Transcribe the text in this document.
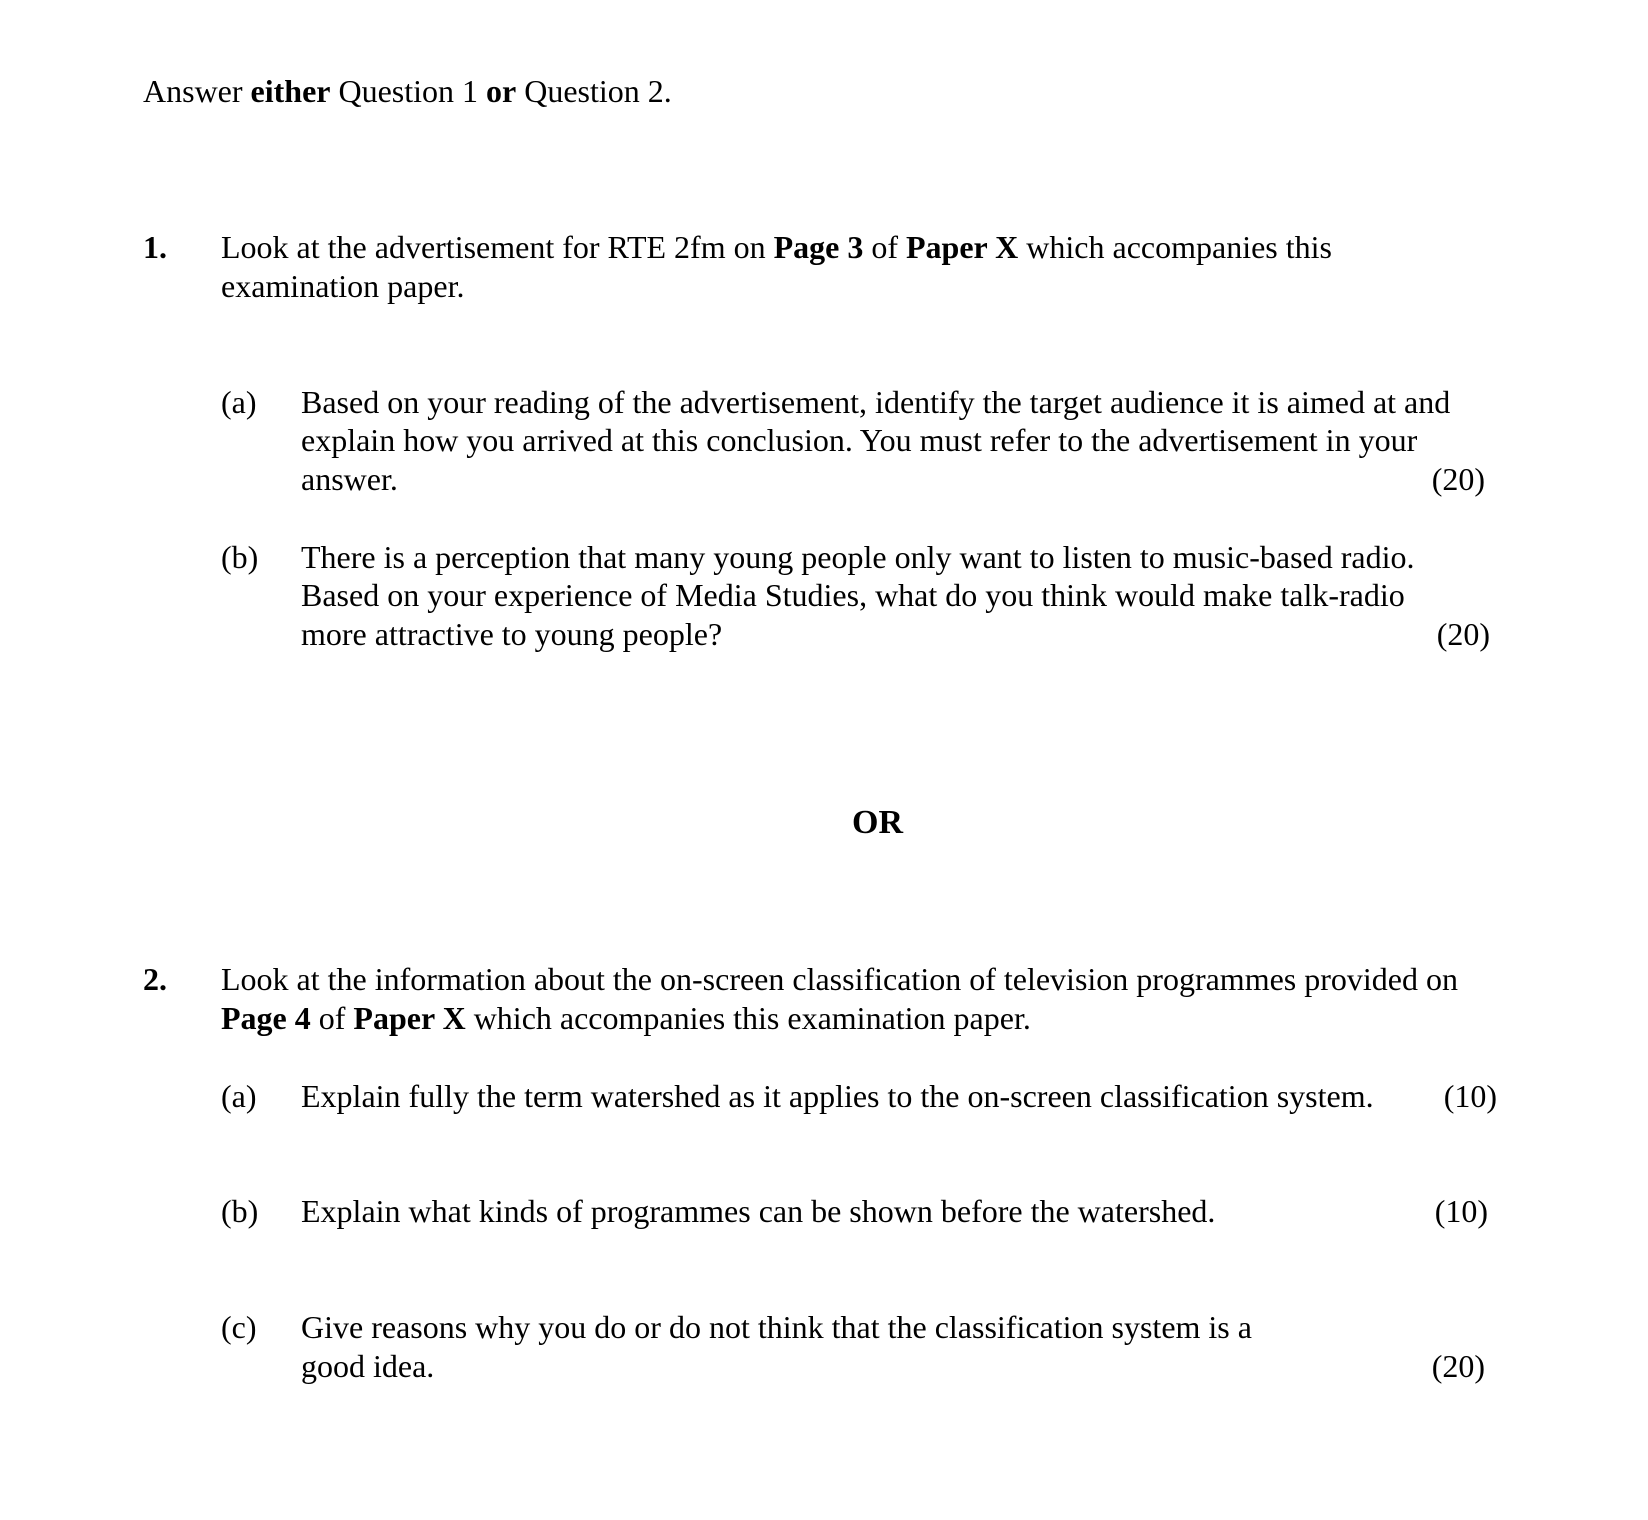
Answer either Question 1 or Question 2.
1. Look at the advertisement for RTE 2fm on Page 3 of Paper X which accompanies this
examination paper.
(a) Based on your reading of the advertisement, identify the target audience it is aimed at and
explain how you arrived at this conclusion. You must refer to the advertisement in your
answer.	(20)
(b) There is a perception that many young people only want to listen to music-based radio.
Based on your experience of Media Studies, what do you think would make talk-radio
more attractive to young people?	(20)
OR
2. Look at the information about the on-screen classification of television programmes provided on
Page 4 of Paper X which accompanies this examination paper.
(a) Explain fully the term watershed as it applies to the on-screen classification system. (10)
(b) Explain what kinds of programmes can be shown before the watershed.	(10)
(c) Give reasons why you do or do not think that the classification system is a
good idea.	(20)
